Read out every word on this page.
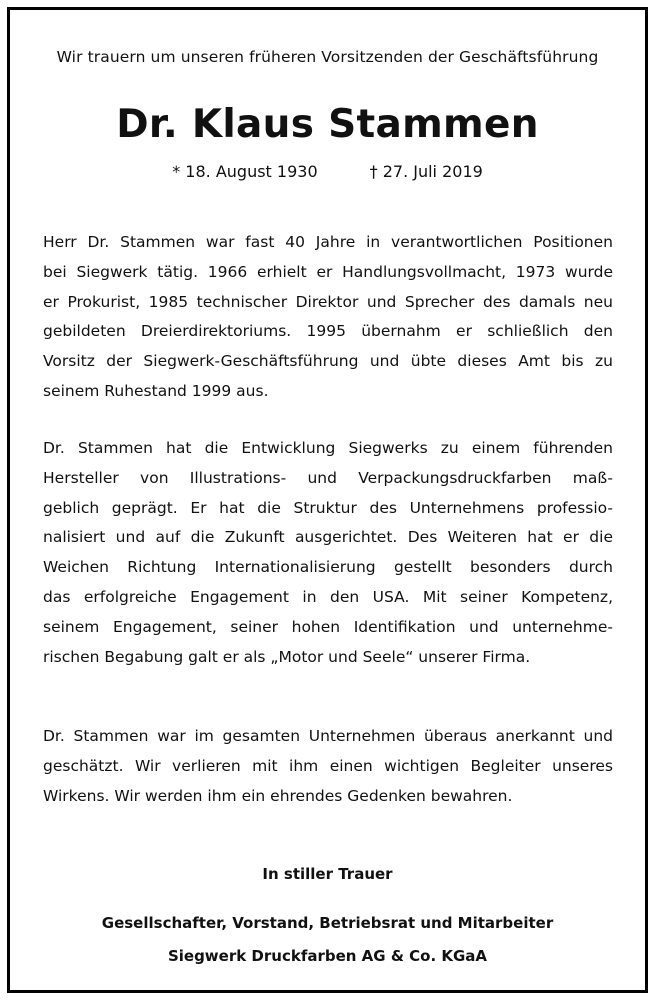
Wir trauern um unseren früheren Vorsitzenden der Geschäftsführung
Dr. Klaus Stammen
* 18. August 1930	† 27. Juli 2019
Herr Dr. Stammen war fast 40 Jahre in verantwortlichen Positionen
bei Siegwerk tätig. 1966 erhielt er Handlungsvollmacht, 1973 wurde
er Prokurist, 1985 technischer Direktor und Sprecher des damals neu
gebildeten Dreierdirektoriums. 1995 übernahm er schließlich den
Vorsitz der Siegwerk-Geschäftsführung und übte dieses Amt bis zu
seinem Ruhestand 1999 aus.
Dr. Stammen hat die Entwicklung Siegwerks zu einem führenden
Hersteller von Illustrations- und Verpackungsdruckfarben maß-
geblich geprägt. Er hat die Struktur des Unternehmens professio-
nalisiert und auf die Zukunft ausgerichtet. Des Weiteren hat er die
Weichen Richtung Internationalisierung gestellt besonders durch
das erfolgreiche Engagement in den USA. Mit seiner Kompetenz,
seinem Engagement, seiner hohen Identifikation und unternehme-
rischen Begabung galt er als „Motor und Seele“ unserer Firma.
Dr. Stammen war im gesamten Unternehmen überaus anerkannt und
geschätzt. Wir verlieren mit ihm einen wichtigen Begleiter unseres
Wirkens. Wir werden ihm ein ehrendes Gedenken bewahren.
In stiller Trauer
Gesellschafter, Vorstand, Betriebsrat und Mitarbeiter
Siegwerk Druckfarben AG & Co. KGaA
